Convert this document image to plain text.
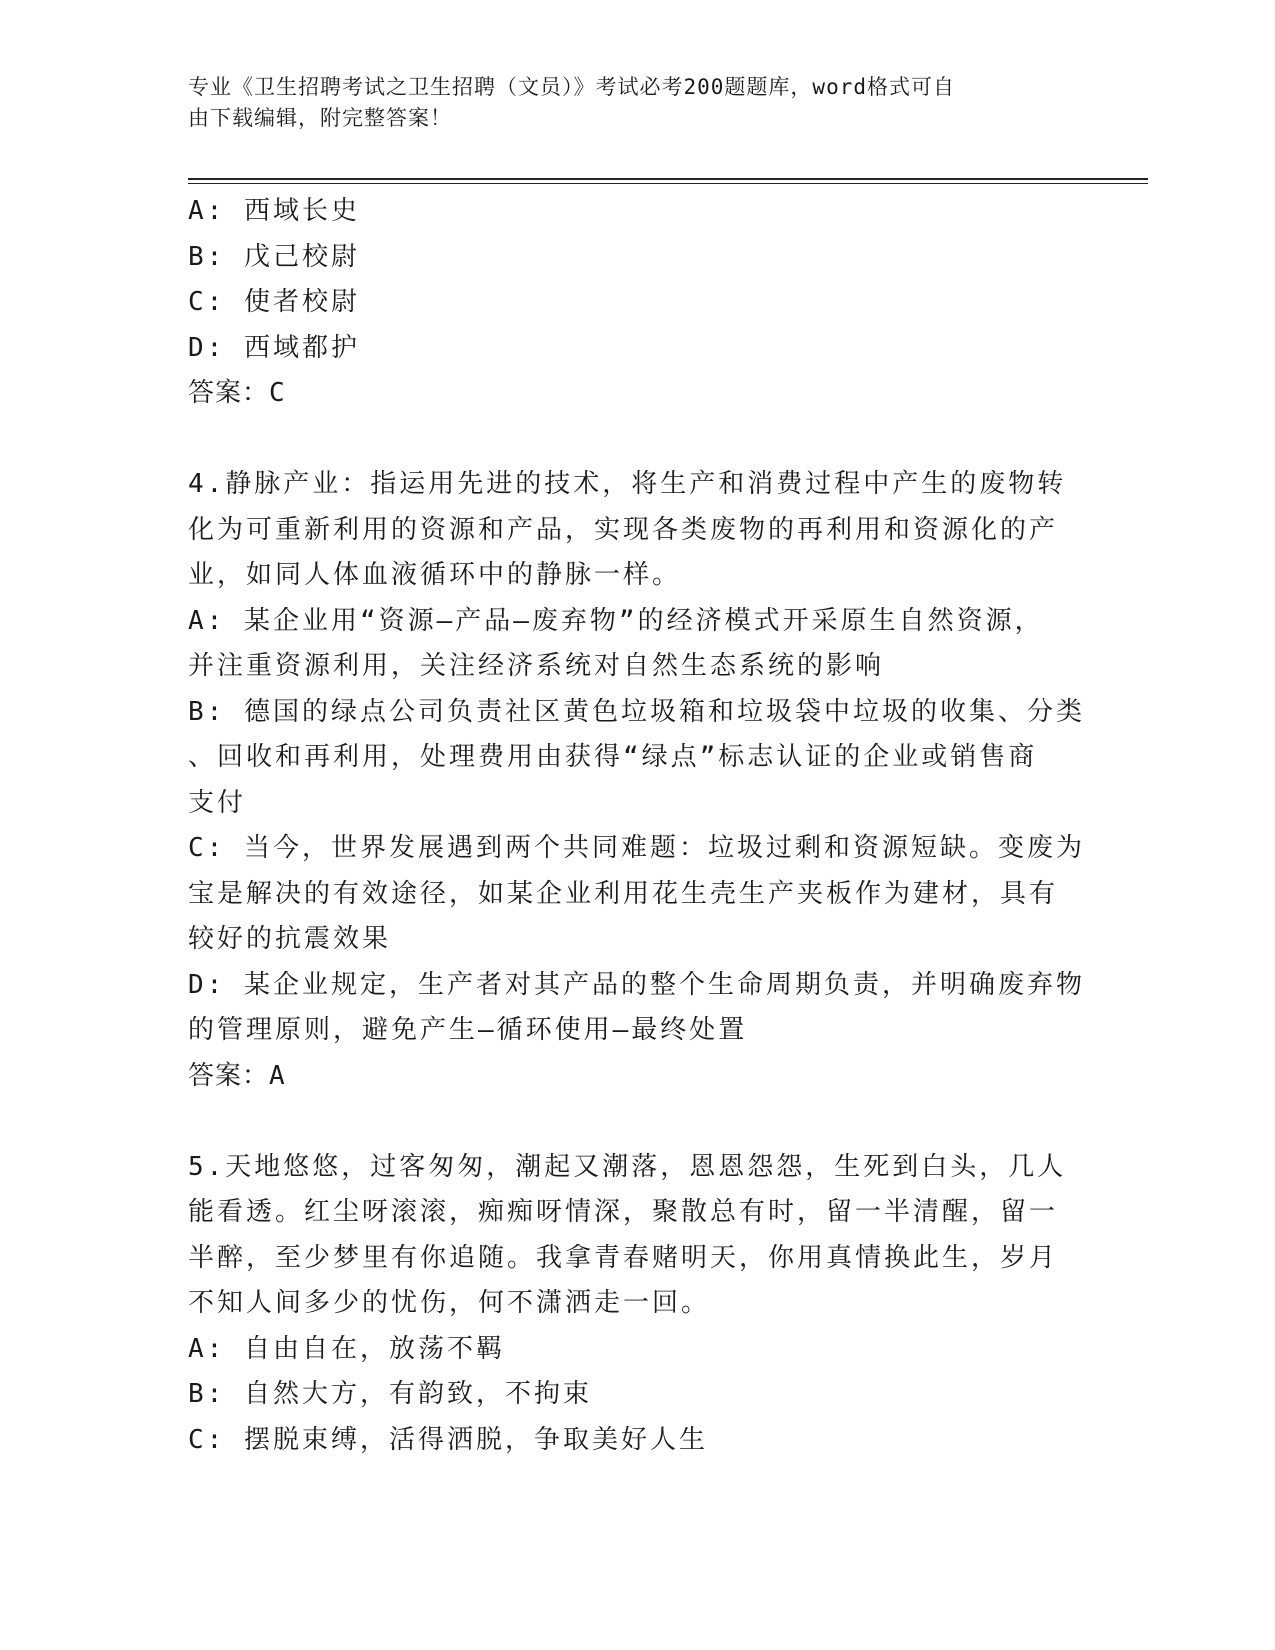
专业《卫生招聘考试之卫生招聘（文员）》考试必考200题题库，word格式可自
由下载编辑，附完整答案！
A: 西域长史
B: 戊己校尉
C: 使者校尉
D: 西域都护
答案：C
4.静脉产业：指运用先进的技术，将生产和消费过程中产生的废物转
化为可重新利用的资源和产品，实现各类废物的再利用和资源化的产
业，如同人体血液循环中的静脉一样。
A: 某企业用“资源—产品—废弃物”的经济模式开采原生自然资源，
并注重资源利用，关注经济系统对自然生态系统的影响
B: 德国的绿点公司负责社区黄色垃圾箱和垃圾袋中垃圾的收集、分类
、回收和再利用，处理费用由获得“绿点”标志认证的企业或销售商
支付
C: 当今，世界发展遇到两个共同难题：垃圾过剩和资源短缺。变废为
宝是解决的有效途径，如某企业利用花生壳生产夹板作为建材，具有
较好的抗震效果
D: 某企业规定，生产者对其产品的整个生命周期负责，并明确废弃物
的管理原则，避免产生—循环使用—最终处置
答案：A
5.天地悠悠，过客匆匆，潮起又潮落，恩恩怨怨，生死到白头，几人
能看透。红尘呀滚滚，痴痴呀情深，聚散总有时，留一半清醒，留一
半醉，至少梦里有你追随。我拿青春赌明天，你用真情换此生，岁月
不知人间多少的忧伤，何不潇洒走一回。
A: 自由自在，放荡不羁
B: 自然大方，有韵致，不拘束
C: 摆脱束缚，活得洒脱，争取美好人生
